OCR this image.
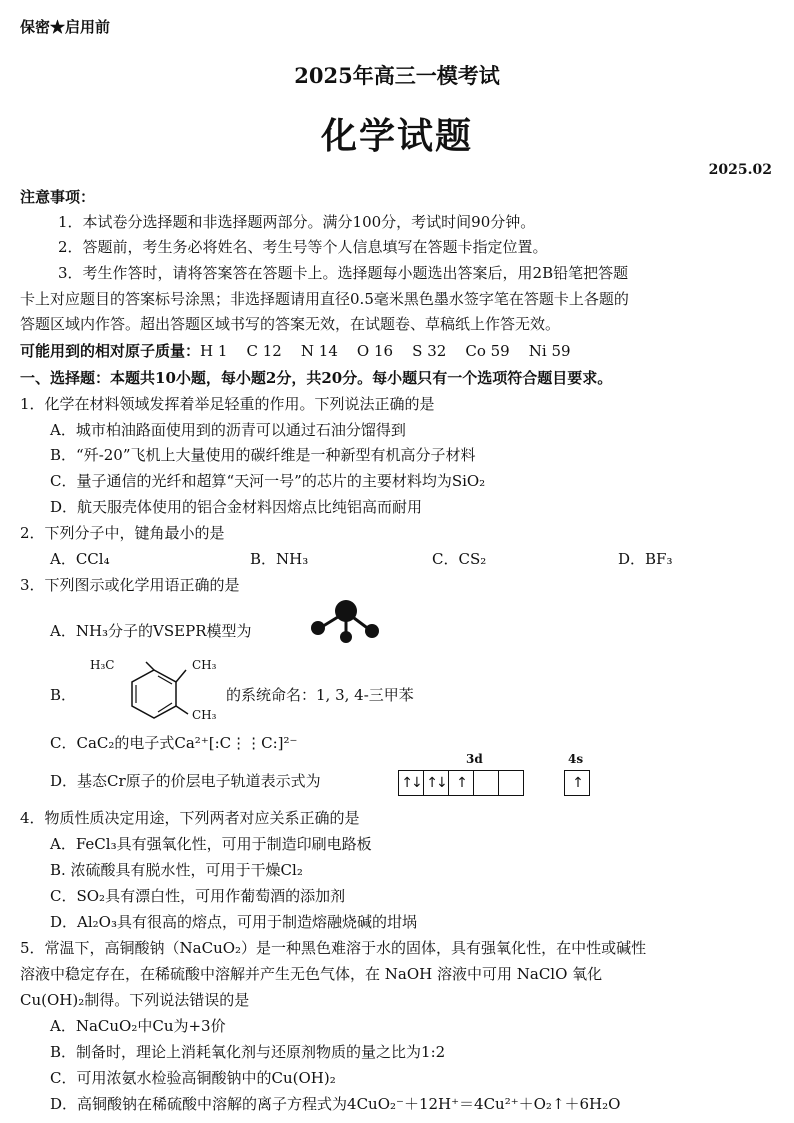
保密★启用前
2025年高三一模考试
化学试题
2025.02
注意事项：
1．本试卷分选择题和非选择题两部分。满分100分，考试时间90分钟。
2．答题前，考生务必将姓名、考生号等个人信息填写在答题卡指定位置。
3．考生作答时，请将答案答在答题卡上。选择题每小题选出答案后，用2B铅笔把答题
卡上对应题目的答案标号涂黑；非选择题请用直径0.5毫米黑色墨水签字笔在答题卡上各题的
答题区域内作答。超出答题区域书写的答案无效，在试题卷、草稿纸上作答无效。
可能用到的相对原子质量：H 1    C 12    N 14    O 16    S 32    Co 59    Ni 59
一、选择题：本题共10小题，每小题2分，共20分。每小题只有一个选项符合题目要求。
1．化学在材料领域发挥着举足轻重的作用。下列说法正确的是
A．城市柏油路面使用到的沥青可以通过石油分馏得到
B．“歼-20”飞机上大量使用的碳纤维是一种新型有机高分子材料
C．量子通信的光纤和超算“天河一号”的芯片的主要材料均为SiO₂
D．航天服壳体使用的铝合金材料因熔点比纯铝高而耐用
2．下列分子中，键角最小的是
A．CCl₄	B．NH₃	C．CS₂	D．BF₃
3．下列图示或化学用语正确的是
A．NH₃分子的VSEPR模型为
B．
H₃C	CH₃
CH₃
的系统命名：1, 3, 4-三甲苯
C．CaC₂的电子式Ca²⁺[:C⋮⋮C:]²⁻
D．基态Cr原子的价层电子轨道表示式为
3d	4s
↑↓ ↑↓ ↑	↑
4．物质性质决定用途，下列两者对应关系正确的是
A．FeCl₃具有强氧化性，可用于制造印刷电路板
B. 浓硫酸具有脱水性，可用于干燥Cl₂
C．SO₂具有漂白性，可用作葡萄酒的添加剂
D．Al₂O₃具有很高的熔点，可用于制造熔融烧碱的坩埚
5．常温下，高铜酸钠（NaCuO₂）是一种黑色难溶于水的固体，具有强氧化性，在中性或碱性
溶液中稳定存在，在稀硫酸中溶解并产生无色气体，在 NaOH 溶液中可用 NaClO 氧化
Cu(OH)₂制得。下列说法错误的是
A．NaCuO₂中Cu为+3价
B．制备时，理论上消耗氧化剂与还原剂物质的量之比为1:2
C．可用浓氨水检验高铜酸钠中的Cu(OH)₂
D．高铜酸钠在稀硫酸中溶解的离子方程式为4CuO₂⁻＋12H⁺＝4Cu²⁺＋O₂↑＋6H₂O
